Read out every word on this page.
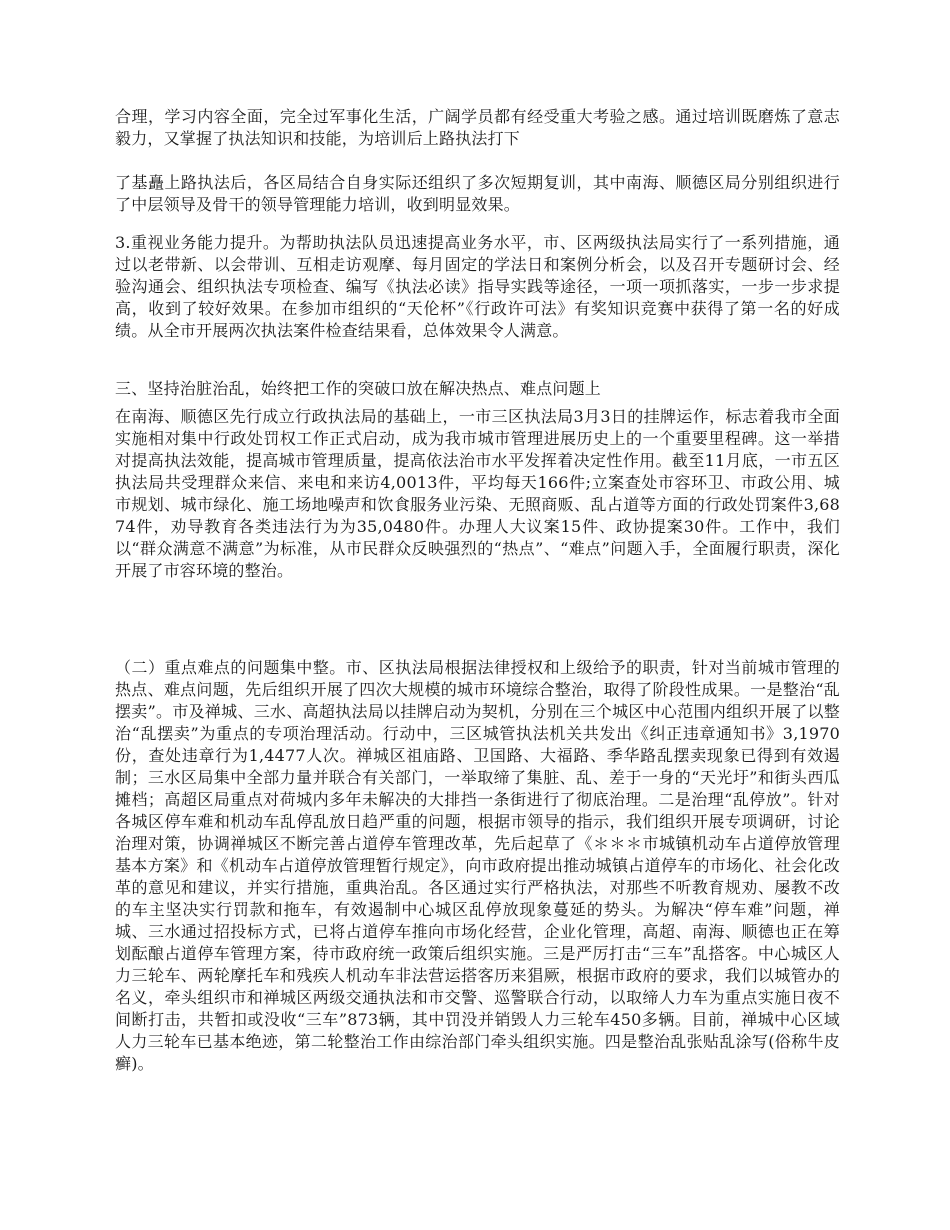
合理，学习内容全面，完全过军事化生活，广阔学员都有经受重大考验之感。通过培训既磨炼了意志毅力，又掌握了执法知识和技能，为培训后上路执法打下

了基矗上路执法后，各区局结合自身实际还组织了多次短期复训，其中南海、顺德区局分别组织进行了中层领导及骨干的领导管理能力培训，收到明显效果。

3.重视业务能力提升。为帮助执法队员迅速提高业务水平，市、区两级执法局实行了一系列措施，通过以老带新、以会带训、互相走访观摩、每月固定的学法日和案例分析会，以及召开专题研讨会、经验沟通会、组织执法专项检查、编写《执法必读》指导实践等途径，一项一项抓落实，一步一步求提高，收到了较好效果。在参加市组织的“天伦杯”《行政许可法》有奖知识竞赛中获得了第一名的好成绩。从全市开展两次执法案件检查结果看，总体效果令人满意。

三、坚持治脏治乱，始终把工作的突破口放在解决热点、难点问题上

在南海、顺德区先行成立行政执法局的基础上，一市三区执法局3月3日的挂牌运作，标志着我市全面实施相对集中行政处罚权工作正式启动，成为我市城市管理进展历史上的一个重要里程碑。这一举措对提高执法效能，提高城市管理质量，提高依法治市水平发挥着决定性作用。截至11月底，一市五区执法局共受理群众来信、来电和来访4,0013件，平均每天166件;立案查处市容环卫、市政公用、城市规划、城市绿化、施工场地噪声和饮食服务业污染、无照商贩、乱占道等方面的行政处罚案件3,6874件，劝导教育各类违法行为为35,0480件。办理人大议案15件、政协提案30件。工作中，我们以“群众满意不满意”为标准，从市民群众反映强烈的“热点”、“难点”问题入手，全面履行职责，深化开展了市容环境的整治。

（二）重点难点的问题集中整。市、区执法局根据法律授权和上级给予的职责，针对当前城市管理的热点、难点问题，先后组织开展了四次大规模的城市环境综合整治，取得了阶段性成果。一是整治“乱摆卖”。市及禅城、三水、高超执法局以挂牌启动为契机，分别在三个城区中心范围内组织开展了以整治“乱摆卖”为重点的专项治理活动。行动中，三区城管执法机关共发出《纠正违章通知书》3,1970份，查处违章行为1,4477人次。禅城区祖庙路、卫国路、大福路、季华路乱摆卖现象已得到有效遏制；三水区局集中全部力量并联合有关部门，一举取缔了集脏、乱、差于一身的“天光圩”和街头西瓜摊档；高超区局重点对荷城内多年未解决的大排挡一条街进行了彻底治理。二是治理“乱停放”。针对各城区停车难和机动车乱停乱放日趋严重的问题，根据市领导的指示，我们组织开展专项调研，讨论治理对策，协调禅城区不断完善占道停车管理改革，先后起草了《＊＊＊市城镇机动车占道停放管理基本方案》和《机动车占道停放管理暂行规定》，向市政府提出推动城镇占道停车的市场化、社会化改革的意见和建议，并实行措施，重典治乱。各区通过实行严格执法，对那些不听教育规劝、屡教不改的车主坚决实行罚款和拖车，有效遏制中心城区乱停放现象蔓延的势头。为解决“停车难”问题，禅城、三水通过招投标方式，已将占道停车推向市场化经营，企业化管理，高超、南海、顺德也正在筹划酝酿占道停车管理方案，待市政府统一政策后组织实施。三是严厉打击“三车”乱搭客。中心城区人力三轮车、两轮摩托车和残疾人机动车非法营运搭客历来猖厥，根据市政府的要求，我们以城管办的名义，牵头组织市和禅城区两级交通执法和市交警、巡警联合行动，以取缔人力车为重点实施日夜不间断打击，共暂扣或没收“三车”873辆，其中罚没并销毁人力三轮车450多辆。目前，禅城中心区域人力三轮车已基本绝迹，第二轮整治工作由综治部门牵头组织实施。四是整治乱张贴乱涂写(俗称牛皮癣)。
